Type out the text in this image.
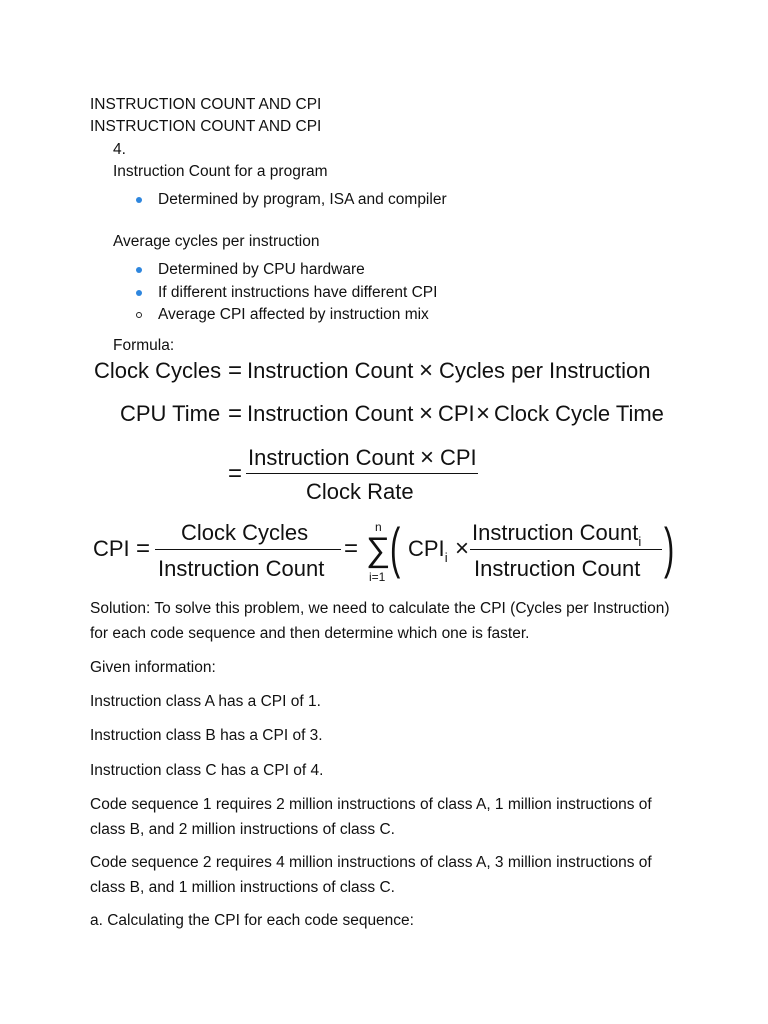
INSTRUCTION COUNT AND CPI
INSTRUCTION COUNT AND CPI
4.
Instruction Count for a program
Determined by program, ISA and compiler
Average cycles per instruction
Determined by CPU hardware
If different instructions have different CPI
Average CPI affected by instruction mix
Formula:
Clock Cycles = Instruction Count × Cycles per Instruction
CPU Time = Instruction Count × CPI × Clock Cycle Time
=
Instruction Count × CPI
Clock Rate
CPI =
Clock Cycles
Instruction Count
=
n
∑
i=1 ( $CPI_i$ ×
Instruction Count$_i$
Instruction Count )
Solution: To solve this problem, we need to calculate the CPI (Cycles per Instruction) for each code sequence and then determine which one is faster.
Given information:
Instruction class A has a CPI of 1.
Instruction class B has a CPI of 3.
Instruction class C has a CPI of 4.
Code sequence 1 requires 2 million instructions of class A, 1 million instructions of class B, and 2 million instructions of class C.
Code sequence 2 requires 4 million instructions of class A, 3 million instructions of class B, and 1 million instructions of class C.
a. Calculating the CPI for each code sequence:
